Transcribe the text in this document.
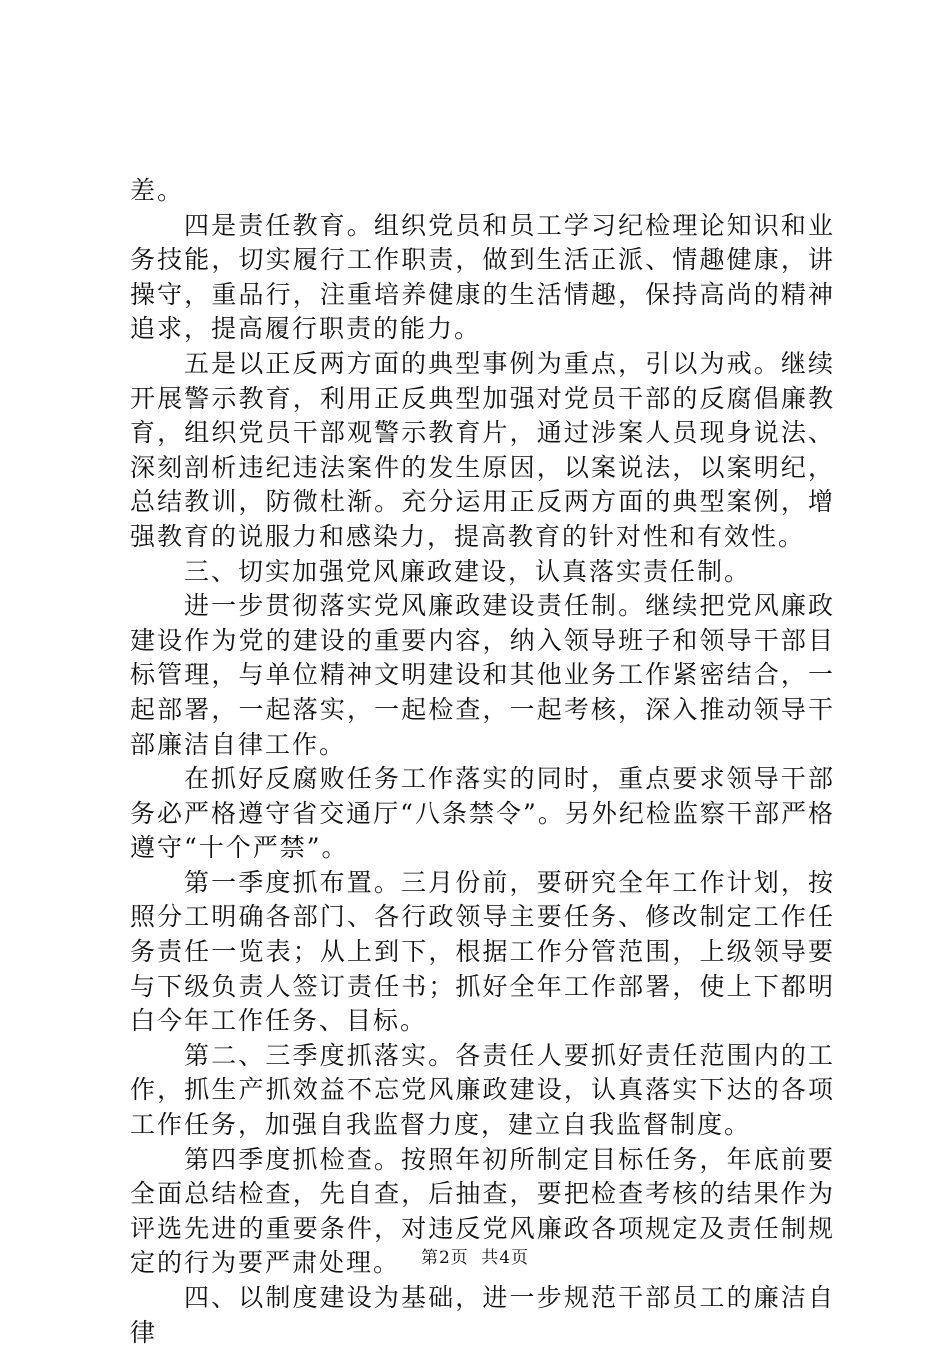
差。

四是责任教育。组织党员和员工学习纪检理论知识和业务技能，切实履行工作职责，做到生活正派、情趣健康，讲操守，重品行，注重培养健康的生活情趣，保持高尚的精神追求，提高履行职责的能力。

五是以正反两方面的典型事例为重点，引以为戒。继续开展警示教育，利用正反典型加强对党员干部的反腐倡廉教育，组织党员干部观警示教育片，通过涉案人员现身说法、深刻剖析违纪违法案件的发生原因，以案说法，以案明纪，总结教训，防微杜渐。充分运用正反两方面的典型案例，增强教育的说服力和感染力，提高教育的针对性和有效性。

三、切实加强党风廉政建设，认真落实责任制。

进一步贯彻落实党风廉政建设责任制。继续把党风廉政建设作为党的建设的重要内容，纳入领导班子和领导干部目标管理，与单位精神文明建设和其他业务工作紧密结合，一起部署，一起落实，一起检查，一起考核，深入推动领导干部廉洁自律工作。

在抓好反腐败任务工作落实的同时，重点要求领导干部务必严格遵守省交通厅“八条禁令”。另外纪检监察干部严格遵守“十个严禁”。

第一季度抓布置。三月份前，要研究全年工作计划，按照分工明确各部门、各行政领导主要任务、修改制定工作任务责任一览表；从上到下，根据工作分管范围，上级领导要与下级负责人签订责任书；抓好全年工作部署，使上下都明白今年工作任务、目标。

第二、三季度抓落实。各责任人要抓好责任范围内的工作，抓生产抓效益不忘党风廉政建设，认真落实下达的各项工作任务，加强自我监督力度，建立自我监督制度。

第四季度抓检查。按照年初所制定目标任务，年底前要全面总结检查，先自查，后抽查，要把检查考核的结果作为评选先进的重要条件，对违反党风廉政各项规定及责任制规定的行为要严肃处理。

四、以制度建设为基础，进一步规范干部员工的廉洁自律

第2页 共4页
